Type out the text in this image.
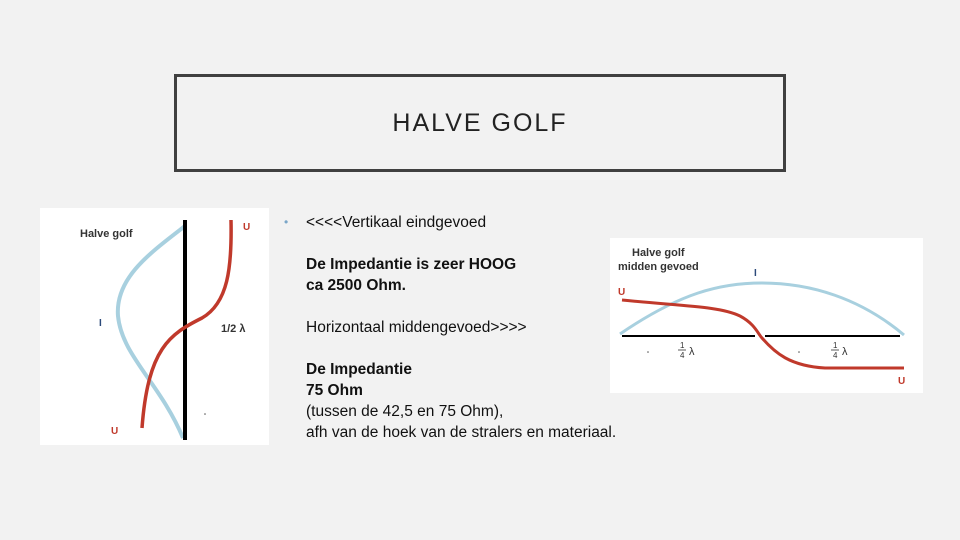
HALVE GOLF
Halve golf
U
I	1/2 λ
U
•	<<<<Vertikaal eindgevoed
De Impedantie is zeer HOOG
ca 2500 Ohm.
Horizontaal middengevoed>>>>
De Impedantie
75 Ohm
(tussen de 42,5 en 75 Ohm),
afh van de hoek van de stralers en materiaal.
Halve golf
midden gevoed
I
U
1
4 λ
1
4 λ
U
